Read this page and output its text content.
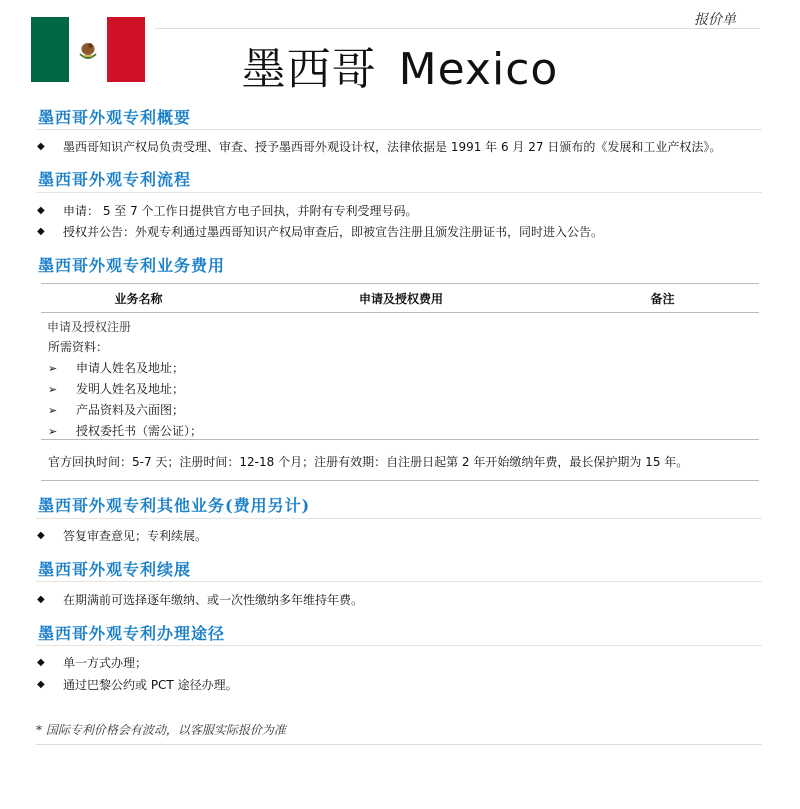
报价单
墨西哥 Mexico
墨西哥外观专利概要
◆	墨西哥知识产权局负责受理、审查、授予墨西哥外观设计权，法律依据是 1991 年 6 月 27 日颁布的《发展和工业产权法》。
墨西哥外观专利流程
◆	申请： 5 至 7 个工作日提供官方电子回执，并附有专利受理号码。
◆	授权并公告：外观专利通过墨西哥知识产权局审查后，即被宣告注册且颁发注册证书，同时进入公告。
墨西哥外观专利业务费用
业务名称	申请及授权费用	备注
申请及授权注册
所需资料：
➢ 申请人姓名及地址；
➢ 发明人姓名及地址；
➢ 产品资料及六面图；
➢ 授权委托书（需公证）；
官方回执时间：5-7 天；注册时间：12-18 个月；注册有效期：自注册日起第 2 年开始缴纳年费，最长保护期为 15 年。
墨西哥外观专利其他业务(费用另计)
◆	答复审查意见；专利续展。
墨西哥外观专利续展
◆	在期满前可选择逐年缴纳、或一次性缴纳多年维持年费。
墨西哥外观专利办理途径
◆	单一方式办理；
◆	通过巴黎公约或 PCT 途径办理。
* 国际专利价格会有波动，以客服实际报价为准
